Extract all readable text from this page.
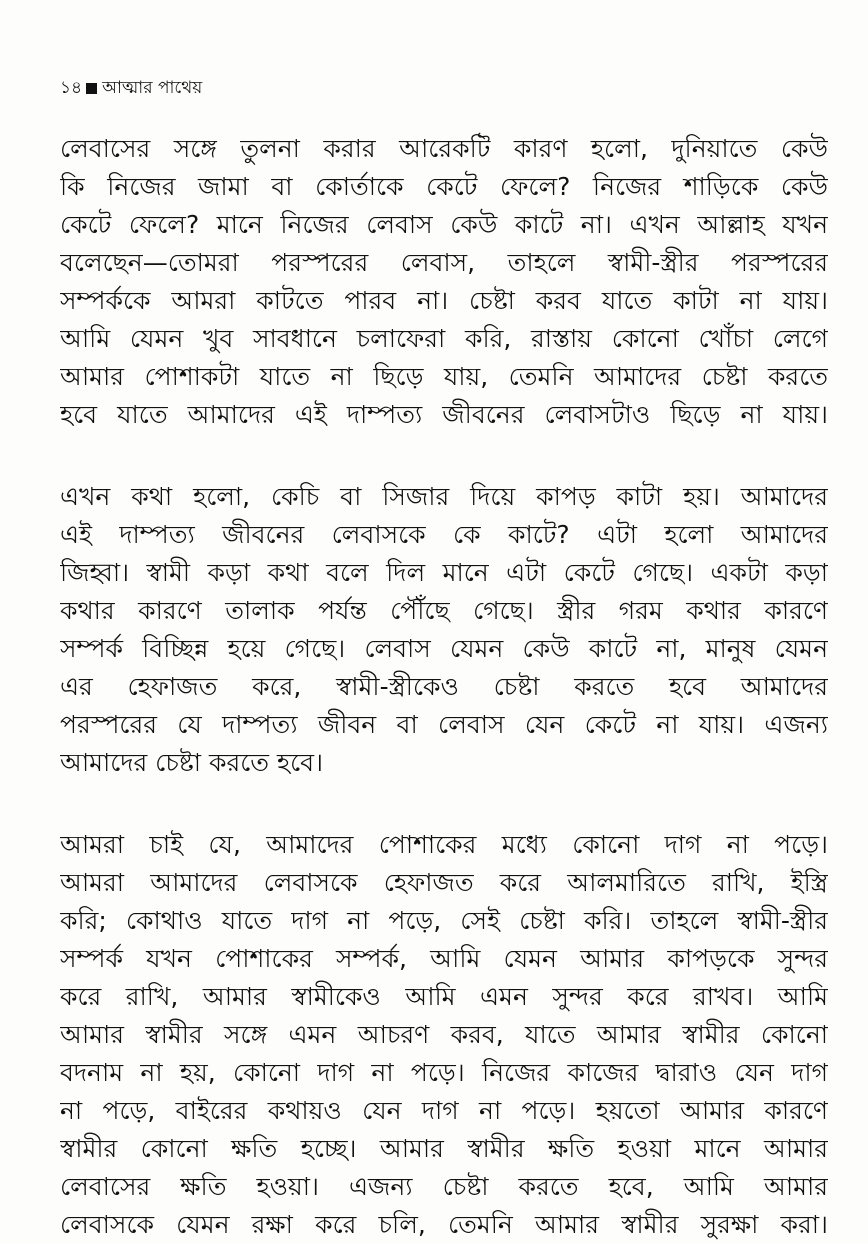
১৪ আত্মার পাথেয়

লেবাসের সঙ্গে তুলনা করার আরেকটি কারণ হলো, দুনিয়াতে কেউ
কি নিজের জামা বা কোর্তাকে কেটে ফেলে? নিজের শাড়িকে কেউ
কেটে ফেলে? মানে নিজের লেবাস কেউ কাটে না। এখন আল্লাহ যখন
বলেছেন—তোমরা পরস্পরের লেবাস, তাহলে স্বামী-স্ত্রীর পরস্পরের
সম্পর্ককে আমরা কাটতে পারব না। চেষ্টা করব যাতে কাটা না যায়।
আমি যেমন খুব সাবধানে চলাফেরা করি, রাস্তায় কোনো খোঁচা লেগে
আমার পোশাকটা যাতে না ছিড়ে যায়, তেমনি আমাদের চেষ্টা করতে
হবে যাতে আমাদের এই দাম্পত্য জীবনের লেবাসটাও ছিড়ে না যায়।

এখন কথা হলো, কেচি বা সিজার দিয়ে কাপড় কাটা হয়। আমাদের
এই দাম্পত্য জীবনের লেবাসকে কে কাটে? এটা হলো আমাদের
জিহ্বা। স্বামী কড়া কথা বলে দিল মানে এটা কেটে গেছে। একটা কড়া
কথার কারণে তালাক পর্যন্ত পৌঁছে গেছে। স্ত্রীর গরম কথার কারণে
সম্পর্ক বিচ্ছিন্ন হয়ে গেছে। লেবাস যেমন কেউ কাটে না, মানুষ যেমন
এর হেফাজত করে, স্বামী-স্ত্রীকেও চেষ্টা করতে হবে আমাদের
পরস্পরের যে দাম্পত্য জীবন বা লেবাস যেন কেটে না যায়। এজন্য
আমাদের চেষ্টা করতে হবে।

আমরা চাই যে, আমাদের পোশাকের মধ্যে কোনো দাগ না পড়ে।
আমরা আমাদের লেবাসকে হেফাজত করে আলমারিতে রাখি, ইস্ত্রি
করি; কোথাও যাতে দাগ না পড়ে, সেই চেষ্টা করি। তাহলে স্বামী-স্ত্রীর
সম্পর্ক যখন পোশাকের সম্পর্ক, আমি যেমন আমার কাপড়কে সুন্দর
করে রাখি, আমার স্বামীকেও আমি এমন সুন্দর করে রাখব। আমি
আমার স্বামীর সঙ্গে এমন আচরণ করব, যাতে আমার স্বামীর কোনো
বদনাম না হয়, কোনো দাগ না পড়ে। নিজের কাজের দ্বারাও যেন দাগ
না পড়ে, বাইরের কথায়ও যেন দাগ না পড়ে। হয়তো আমার কারণে
স্বামীর কোনো ক্ষতি হচ্ছে। আমার স্বামীর ক্ষতি হওয়া মানে আমার
লেবাসের ক্ষতি হওয়া। এজন্য চেষ্টা করতে হবে, আমি আমার
লেবাসকে যেমন রক্ষা করে চলি, তেমনি আমার স্বামীর সুরক্ষা করা।
